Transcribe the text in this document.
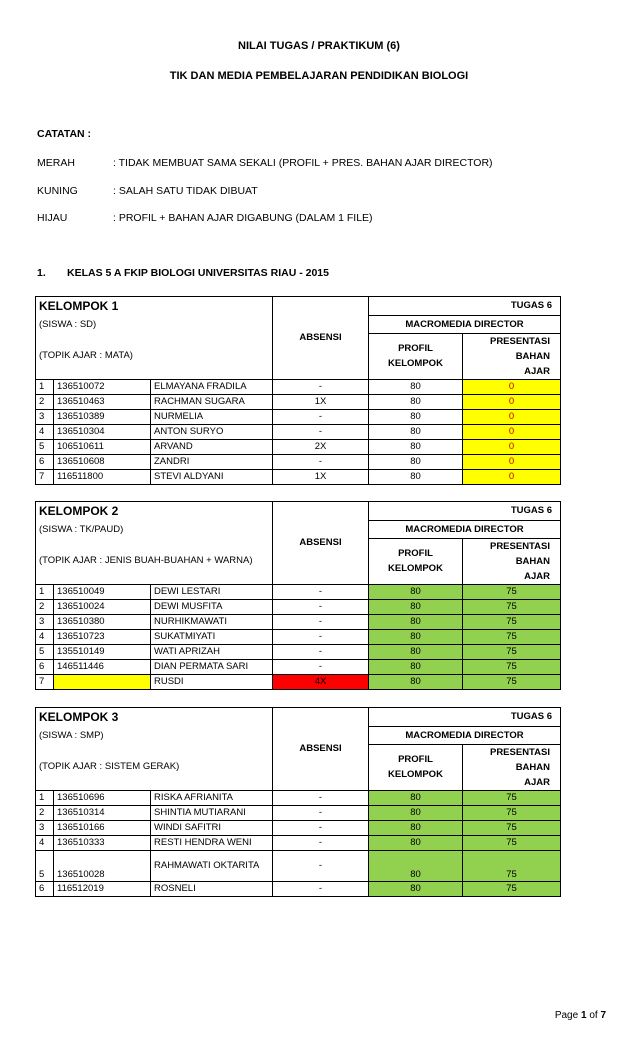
NILAI TUGAS / PRAKTIKUM (6)
TIK DAN MEDIA PEMBELAJARAN PENDIDIKAN BIOLOGI
CATATAN :
MERAH	: TIDAK MEMBUAT SAMA SEKALI (PROFIL + PRES. BAHAN AJAR DIRECTOR)
KUNING	: SALAH SATU TIDAK DIBUAT
HIJAU	: PROFIL + BAHAN AJAR DIGABUNG (DALAM 1 FILE)
1. KELAS 5 A FKIP BIOLOGI UNIVERSITAS RIAU - 2015
KELOMPOK 1			ABSENSI	TUGAS 6	
(SISWA : SD)				MACROMEDIA DIRECTOR	
(TOPIK AJAR : MATA)				PROFIL
KELOMPOK	PRESENTASI BAHAN
AJAR

1	136510072	ELMAYANA FRADILA	-	80	0
2	136510463	RACHMAN SUGARA	1X	80	0
3	136510389	NURMELIA	-	80	0
4	136510304	ANTON SURYO	-	80	0
5	106510611	ARVAND	2X	80	0
6	136510608	ZANDRI	-	80	0
7	116511800	STEVI ALDYANI	1X	80	0
KELOMPOK 2			ABSENSI	TUGAS 6	
(SISWA : TK/PAUD)				MACROMEDIA DIRECTOR	
(TOPIK AJAR : JENIS BUAH-BUAHAN + WARNA)				PROFIL
KELOMPOK	PRESENTASI BAHAN
AJAR

1	136510049	DEWI LESTARI	-	80	75
2	136510024	DEWI MUSFITA	-	80	75
3	136510380	NURHIKMAWATI	-	80	75
4	136510723	SUKATMIYATI	-	80	75
5	135510149	WATI APRIZAH	-	80	75
6	146511446	DIAN PERMATA SARI	-	80	75
7		RUSDI	4X	80	75
KELOMPOK 3			ABSENSI	TUGAS 6	
(SISWA : SMP)				MACROMEDIA DIRECTOR	
(TOPIK AJAR : SISTEM GERAK)				PROFIL
KELOMPOK	PRESENTASI BAHAN
AJAR

1	136510696	RISKA AFRIANITA	-	80	75
2	136510314	SHINTIA MUTIARANI	-	80	75
3	136510166	WINDI SAFITRI	-	80	75
4	136510333	RESTI HENDRA WENI	-	80	75
5	136510028	RAHMAWATI OKTARITA	-	80	75
6	116512019	ROSNELI	-	80	75
Page 1 of 7
